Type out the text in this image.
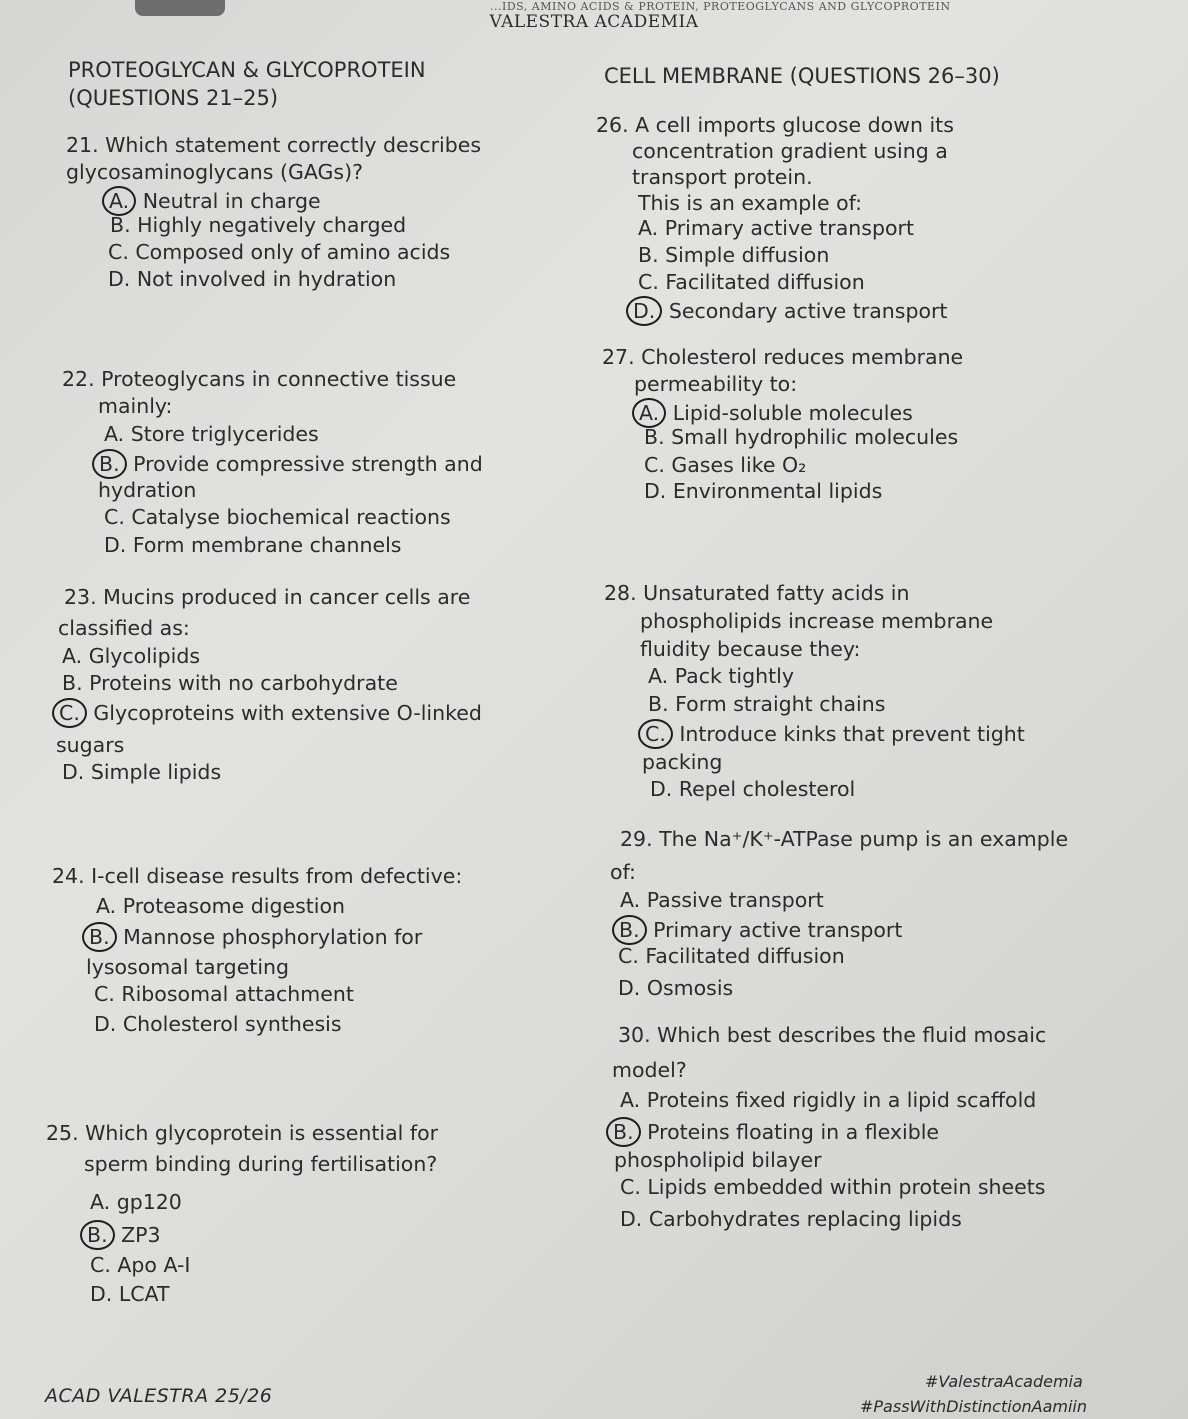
...IDS, AMINO ACIDS & PROTEIN, PROTEOGLYCANS AND GLYCOPROTEIN
VALESTRA ACADEMIA
PROTEOGLYCAN & GLYCOPROTEIN
(QUESTIONS 21–25)
21. Which statement correctly describes
glycosaminoglycans (GAGs)?
A. Neutral in charge
B. Highly negatively charged
C. Composed only of amino acids
D. Not involved in hydration
22. Proteoglycans in connective tissue
mainly:
A. Store triglycerides
B. Provide compressive strength and
hydration
C. Catalyse biochemical reactions
D. Form membrane channels
23. Mucins produced in cancer cells are
classified as:
A. Glycolipids
B. Proteins with no carbohydrate
C. Glycoproteins with extensive O-linked
sugars
D. Simple lipids
24. I-cell disease results from defective:
A. Proteasome digestion
B. Mannose phosphorylation for
lysosomal targeting
C. Ribosomal attachment
D. Cholesterol synthesis
25. Which glycoprotein is essential for
sperm binding during fertilisation?
A. gp120
B. ZP3
C. Apo A-I
D. LCAT
CELL MEMBRANE (QUESTIONS 26–30)
26. A cell imports glucose down its
concentration gradient using a
transport protein.
This is an example of:
A. Primary active transport
B. Simple diffusion
C. Facilitated diffusion
D. Secondary active transport
27. Cholesterol reduces membrane
permeability to:
A. Lipid-soluble molecules
B. Small hydrophilic molecules
C. Gases like O₂
D. Environmental lipids
28. Unsaturated fatty acids in
phospholipids increase membrane
fluidity because they:
A. Pack tightly
B. Form straight chains
C. Introduce kinks that prevent tight
packing
D. Repel cholesterol
29. The Na⁺/K⁺-ATPase pump is an example
of:
A. Passive transport
B. Primary active transport
C. Facilitated diffusion
D. Osmosis
30. Which best describes the fluid mosaic
model?
A. Proteins fixed rigidly in a lipid scaffold
B. Proteins floating in a flexible
phospholipid bilayer
C. Lipids embedded within protein sheets
D. Carbohydrates replacing lipids
ACAD VALESTRA 25/26
#ValestraAcademia
#PassWithDistinctionAamiin
